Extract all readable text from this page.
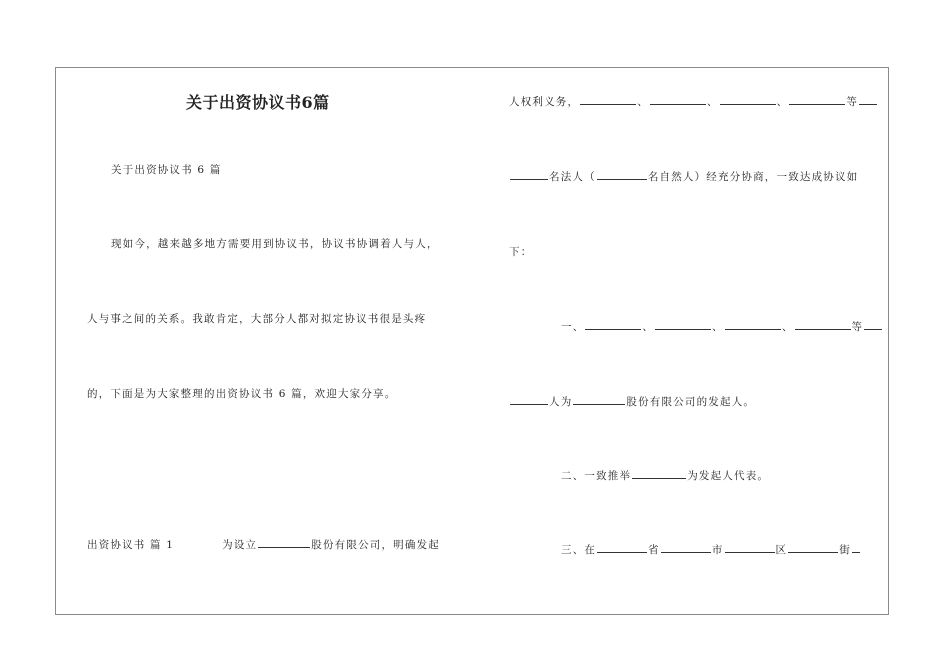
关于出资协议书6篇
关于出资协议书 6 篇
现如今，越来越多地方需要用到协议书，协议书协调着人与人，
人与事之间的关系。我敢肯定，大部分人都对拟定协议书很是头疼
的，下面是为大家整理的出资协议书 6 篇，欢迎大家分享。
出资协议书 篇 1	为设立	股份有限公司，明确发起
人权利义务，	、	、	、	等
名法人（	名自然人）经充分协商，一致达成协议如
下：
一、	、	、	、	等
人为	股份有限公司的发起人。
二、一致推举	为发起人代表。
三、在	省	市	区	街
